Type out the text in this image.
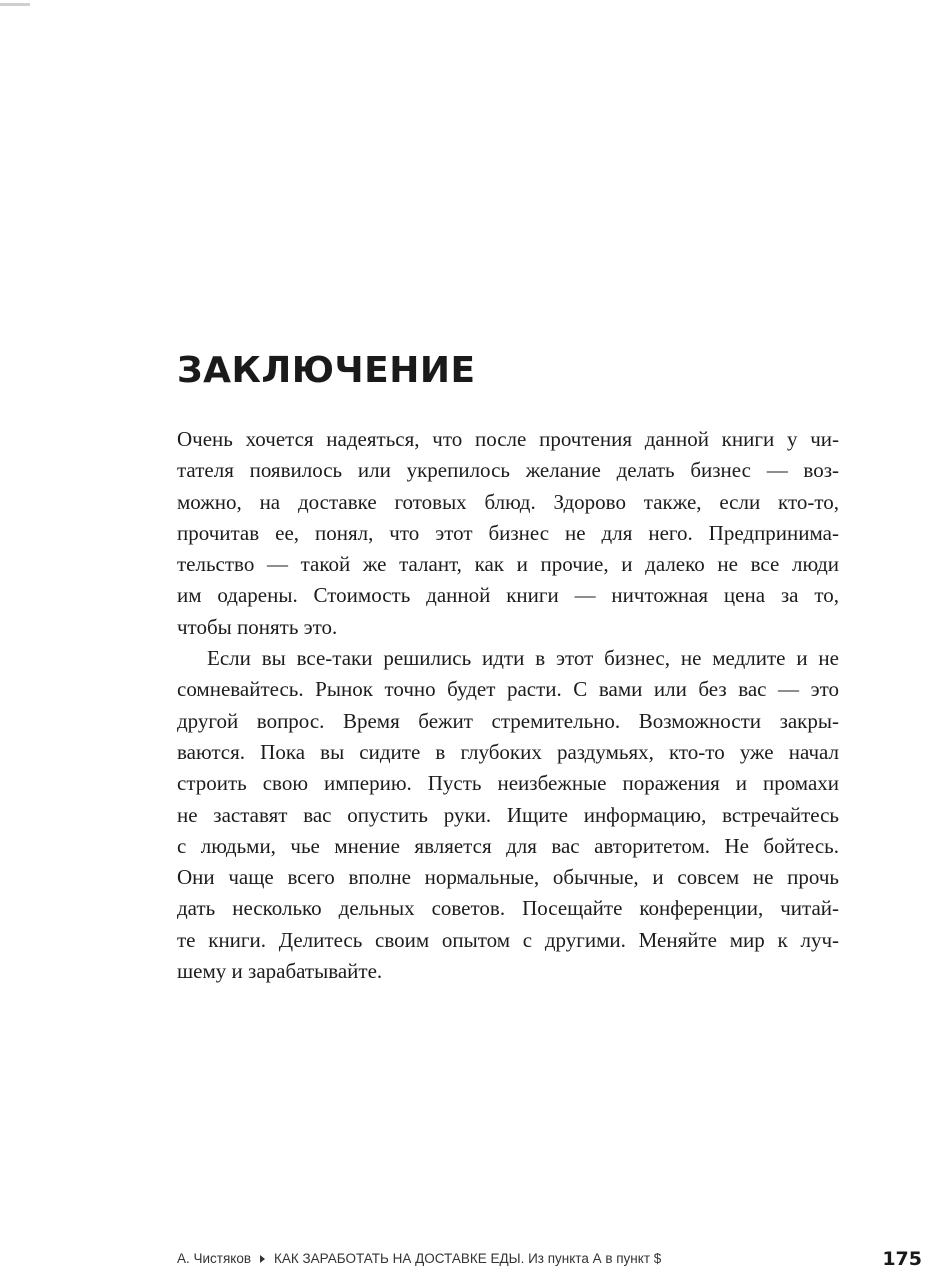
ЗАКЛЮЧЕНИЕ
Очень хочется надеяться, что после прочтения данной книги у чи-
тателя появилось или укрепилось желание делать бизнес — воз-
можно, на доставке готовых блюд. Здорово также, если кто-то,
прочитав ее, понял, что этот бизнес не для него. Предпринима-
тельство — такой же талант, как и прочие, и далеко не все люди
им одарены. Стоимость данной книги — ничтожная цена за то,
чтобы понять это.
Если вы все-таки решились идти в этот бизнес, не медлите и не
сомневайтесь. Рынок точно будет расти. С вами или без вас — это
другой вопрос. Время бежит стремительно. Возможности закры-
ваются. Пока вы сидите в глубоких раздумьях, кто-то уже начал
строить свою империю. Пусть неизбежные поражения и промахи
не заставят вас опустить руки. Ищите информацию, встречайтесь
с людьми, чье мнение является для вас авторитетом. Не бойтесь.
Они чаще всего вполне нормальные, обычные, и совсем не прочь
дать несколько дельных советов. Посещайте конференции, читай-
те книги. Делитесь своим опытом с другими. Меняйте мир к луч-
шему и зарабатывайте.
А. Чистяков КАК ЗАРАБОТАТЬ НА ДОСТАВКЕ ЕДЫ. Из пункта А в пункт $	175
